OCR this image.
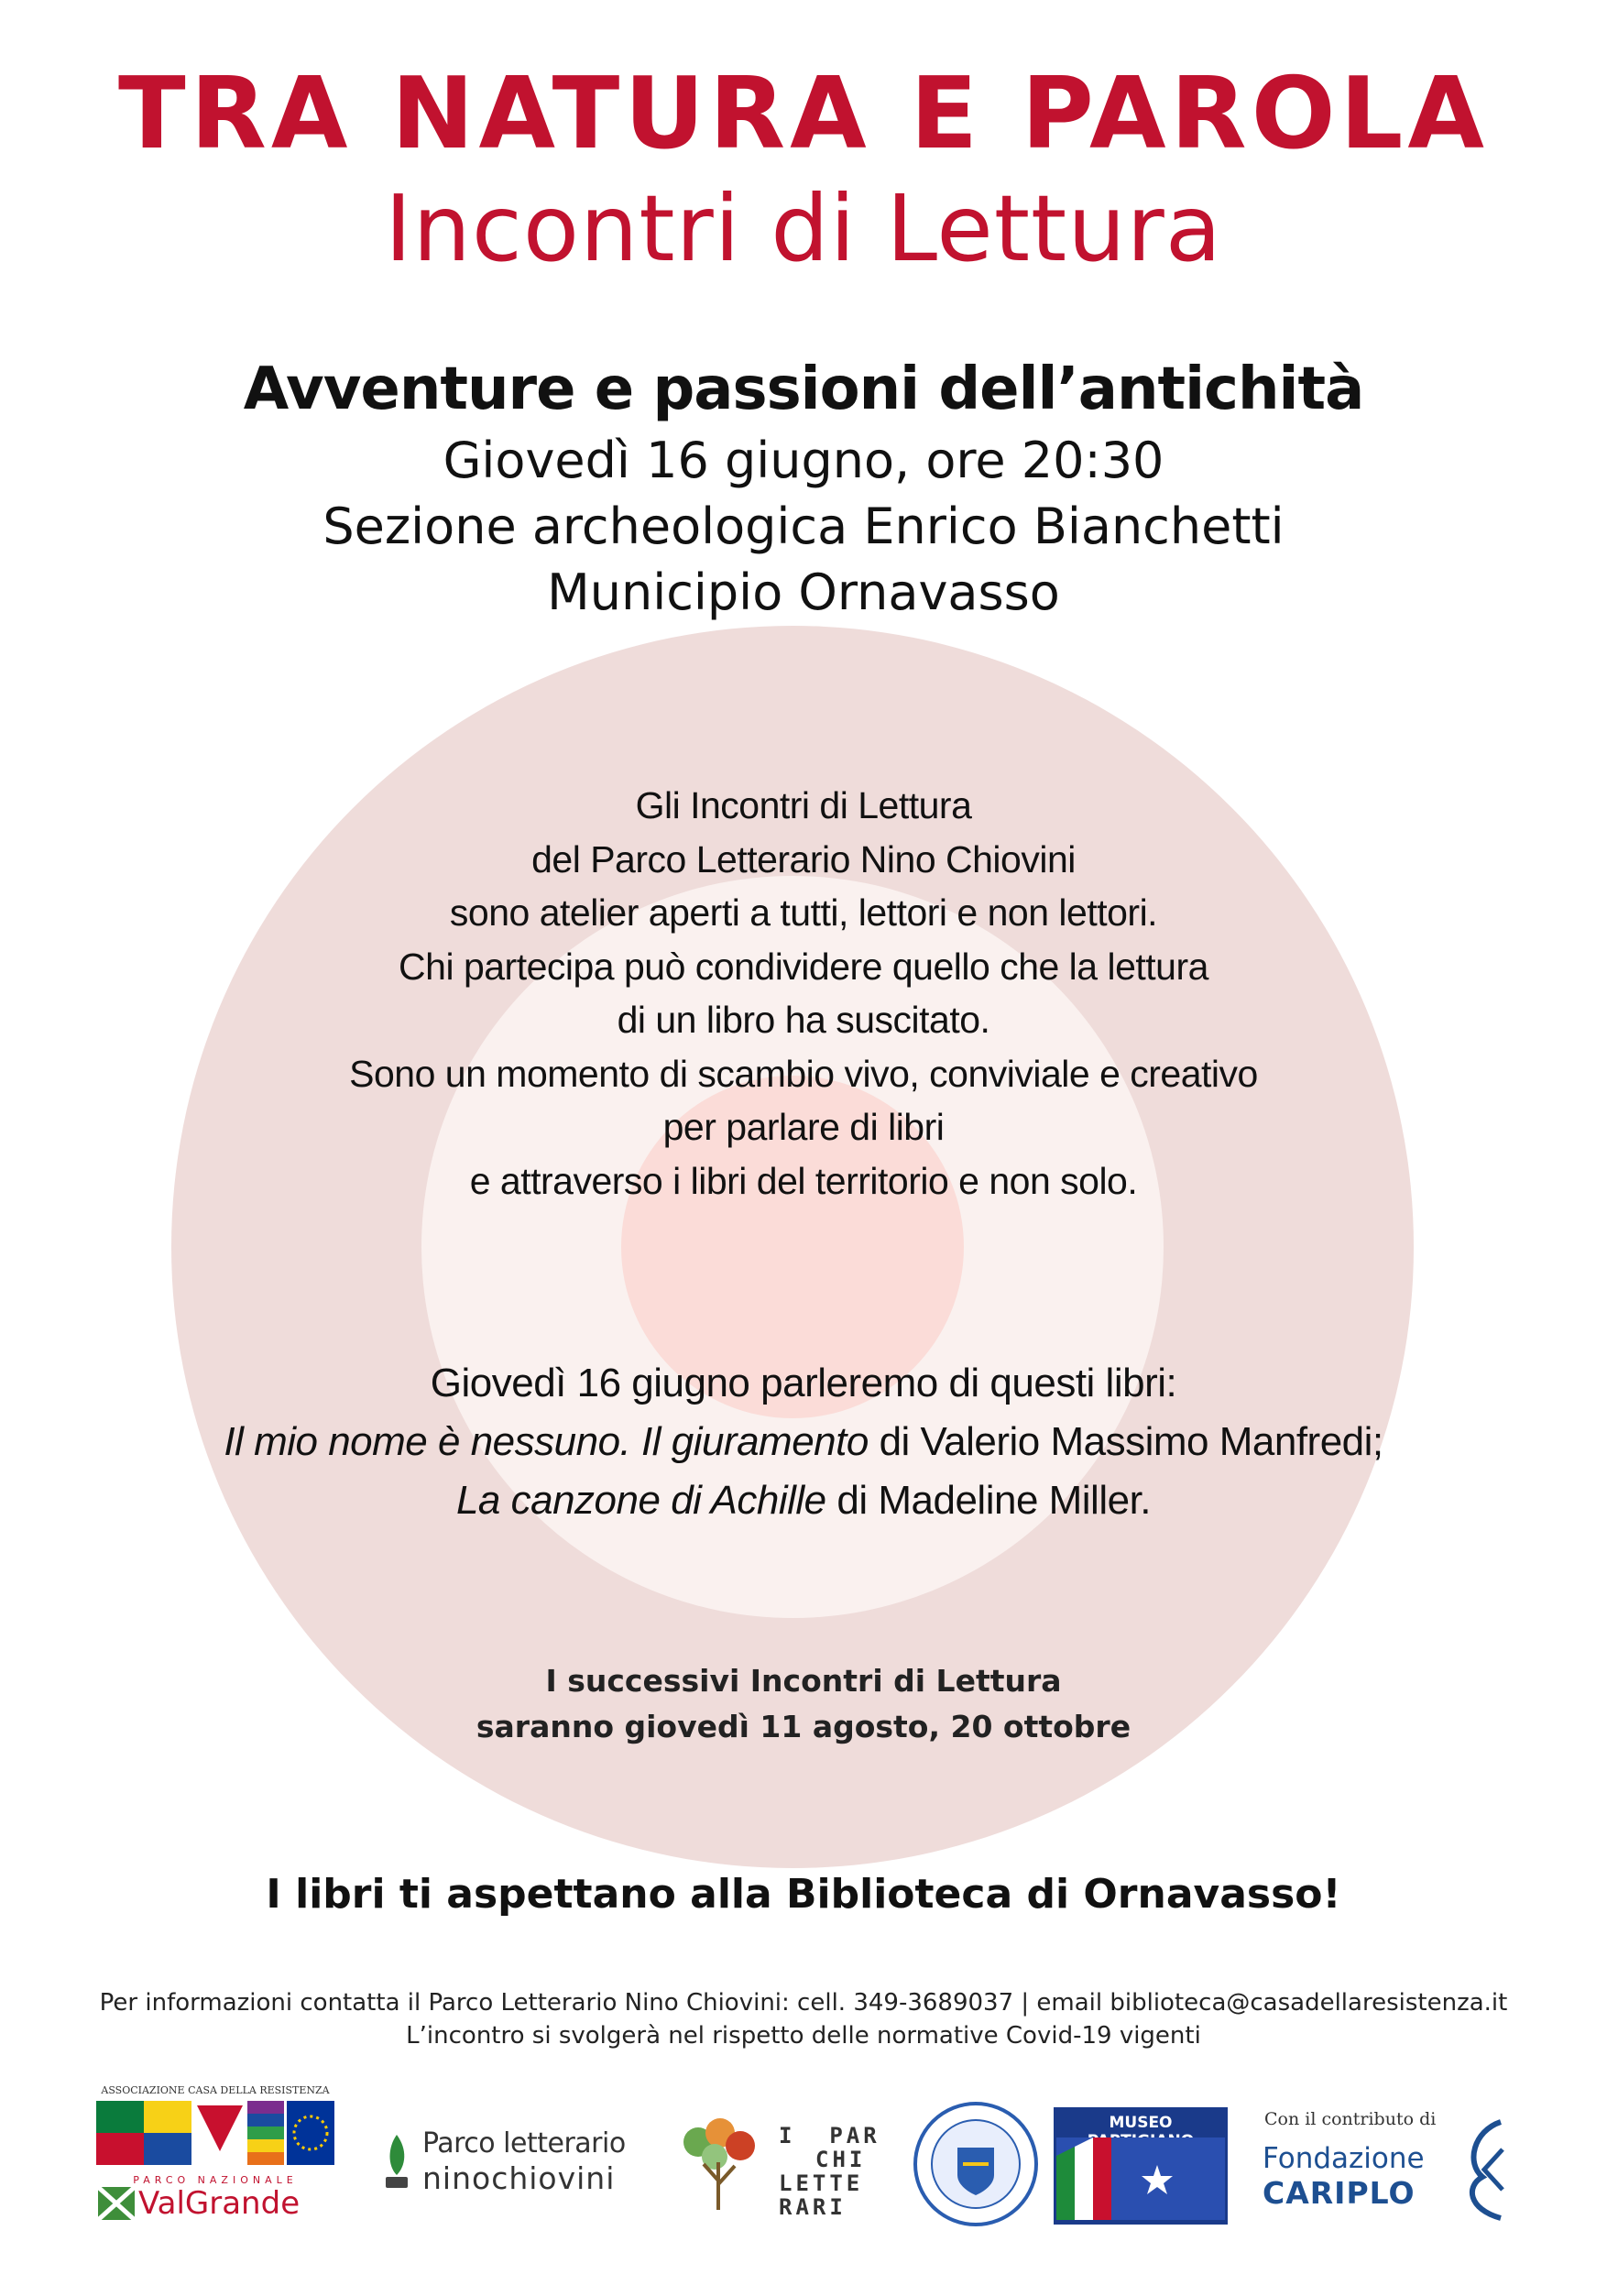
TRA NATURA E PAROLA
Incontri di Lettura
Avventure e passioni dell’antichità
Giovedì 16 giugno, ore 20:30
Sezione archeologica Enrico Bianchetti
Municipio Ornavasso
Gli Incontri di Lettura
del Parco Letterario Nino Chiovini
sono atelier aperti a tutti, lettori e non lettori.
Chi partecipa può condividere quello che la lettura
di un libro ha suscitato.
Sono un momento di scambio vivo, conviviale e creativo
per parlare di libri
e attraverso i libri del territorio e non solo.
Giovedì 16 giugno parleremo di questi libri:
Il mio nome è nessuno. Il giuramento di Valerio Massimo Manfredi;
La canzone di Achille di Madeline Miller.
I successivi Incontri di Lettura
saranno giovedì 11 agosto, 20 ottobre
I libri ti aspettano alla Biblioteca di Ornavasso!
Per informazioni contatta il Parco Letterario Nino Chiovini: cell. 349-3689037 | email biblioteca@casadellaresistenza.it
L’incontro si svolgerà nel rispetto delle normative Covid-19 vigenti
ASSOCIAZIONE CASA DELLA RESISTENZA
PARCO NAZIONALE
ValGrande
Parco letterario
ninochiovini
I  PAR
CHI
LETTE
RARI
MUSEO	Con il contributo di
Fondazione
CARIPLO
